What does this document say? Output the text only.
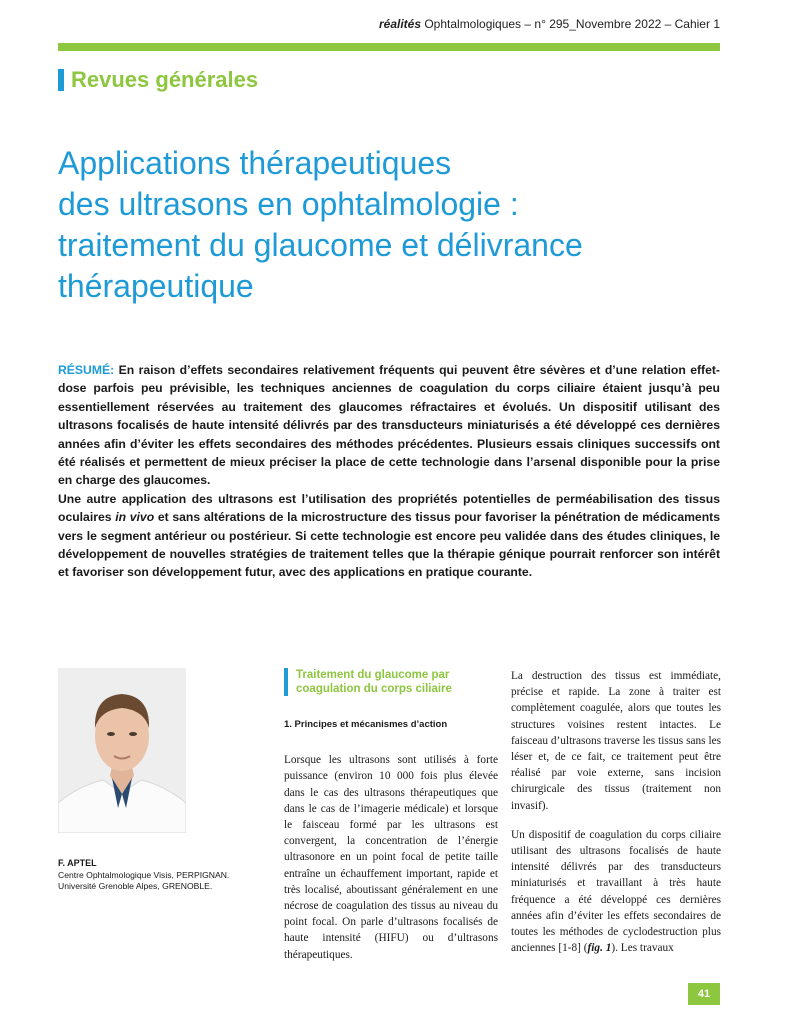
réalités Ophtalmologiques – n° 295_Novembre 2022 – Cahier 1
Revues générales
Applications thérapeutiques
des ultrasons en ophtalmologie :
traitement du glaucome et délivrance
thérapeutique

RÉSUMÉ: En raison d’effets secondaires relativement fréquents qui peuvent être sévères et d’une relation effet-dose parfois peu prévisible, les techniques anciennes de coagulation du corps ciliaire étaient jusqu’à peu essentiellement réservées au traitement des glaucomes réfractaires et évolués. Un dispositif utilisant des ultrasons focalisés de haute intensité délivrés par des transducteurs miniaturisés a été développé ces dernières années afin d’éviter les effets secondaires des méthodes précédentes. Plusieurs essais cliniques successifs ont été réalisés et permettent de mieux préciser la place de cette technologie dans l’arsenal disponible pour la prise en charge des glaucomes.

Une autre application des ultrasons est l’utilisation des propriétés potentielles de perméabilisation des tissus oculaires in vivo et sans altérations de la microstructure des tissus pour favoriser la pénétration de médicaments vers le segment antérieur ou postérieur. Si cette technologie est encore peu validée dans des études cliniques, le développement de nouvelles stratégies de traitement telles que la thérapie génique pourrait renforcer son intérêt et favoriser son développement futur, avec des applications en pratique courante.

F. APTEL
Centre Ophtalmologique Visis, PERPIGNAN.
Université Grenoble Alpes, GRENOBLE.
Traitement du glaucome par coagulation du corps ciliaire
1. Principes et mécanismes d’action

Lorsque les ultrasons sont utilisés à forte puissance (environ 10 000 fois plus élevée dans le cas des ultrasons thérapeutiques que dans le cas de l’imagerie médicale) et lorsque le faisceau formé par les ultrasons est convergent, la concentration de l’énergie ultrasonore en un point focal de petite taille entraîne un échauffement important, rapide et très localisé, aboutissant généralement en une nécrose de coagulation des tissus au niveau du point focal. On parle d’ultrasons focalisés de haute intensité (HIFU) ou d’ultrasons thérapeutiques.

La destruction des tissus est immédiate, précise et rapide. La zone à traiter est complètement coagulée, alors que toutes les structures voisines restent intactes. Le faisceau d’ultrasons traverse les tissus sans les léser et, de ce fait, ce traitement peut être réalisé par voie externe, sans incision chirurgicale des tissus (traitement non invasif).

Un dispositif de coagulation du corps ciliaire utilisant des ultrasons focalisés de haute intensité délivrés par des transducteurs miniaturisés et travaillant à très haute fréquence a été développé ces dernières années afin d’éviter les effets secondaires de toutes les méthodes de cyclodestruction plus anciennes [1-8] (fig. 1). Les travaux

41
